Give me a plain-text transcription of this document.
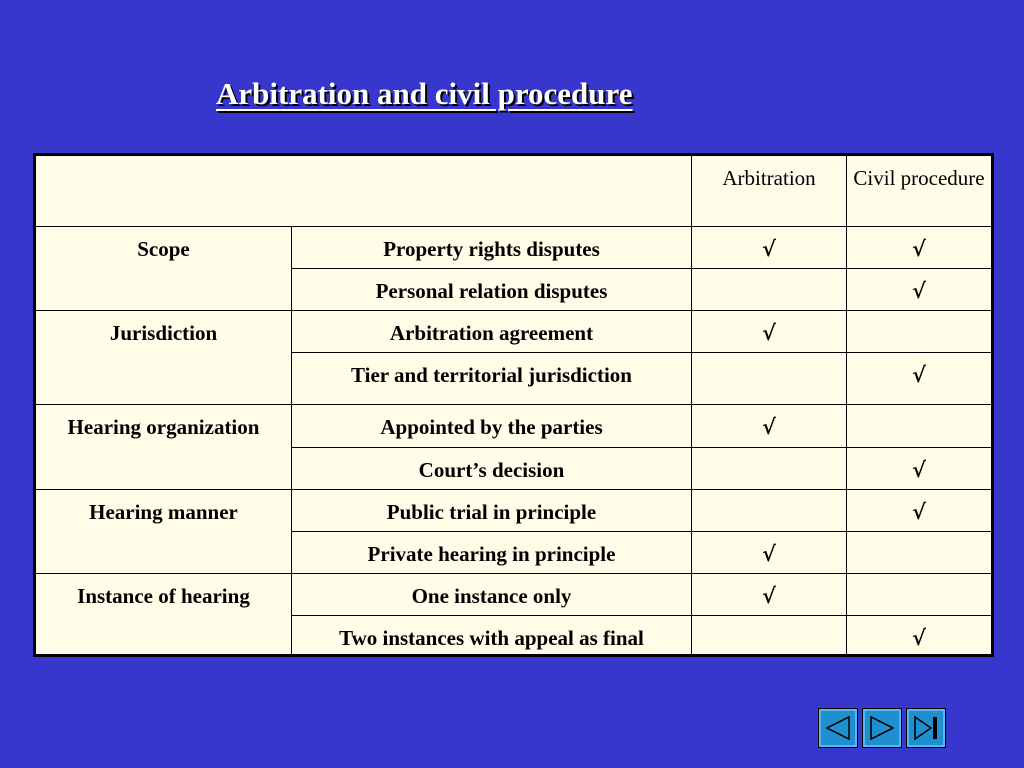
Arbitration and civil procedure
		Arbitration	Civil procedure
Scope	Property rights disputes	√	√
	Personal relation disputes		√
Jurisdiction	Arbitration agreement	√	
	Tier and territorial jurisdiction		√
Hearing organization	Appointed by the parties	√	
	Court’s decision		√
Hearing manner	Public trial in principle		√
	Private hearing in principle	√	
Instance of hearing	One instance only	√	
	Two instances with appeal as final		√
